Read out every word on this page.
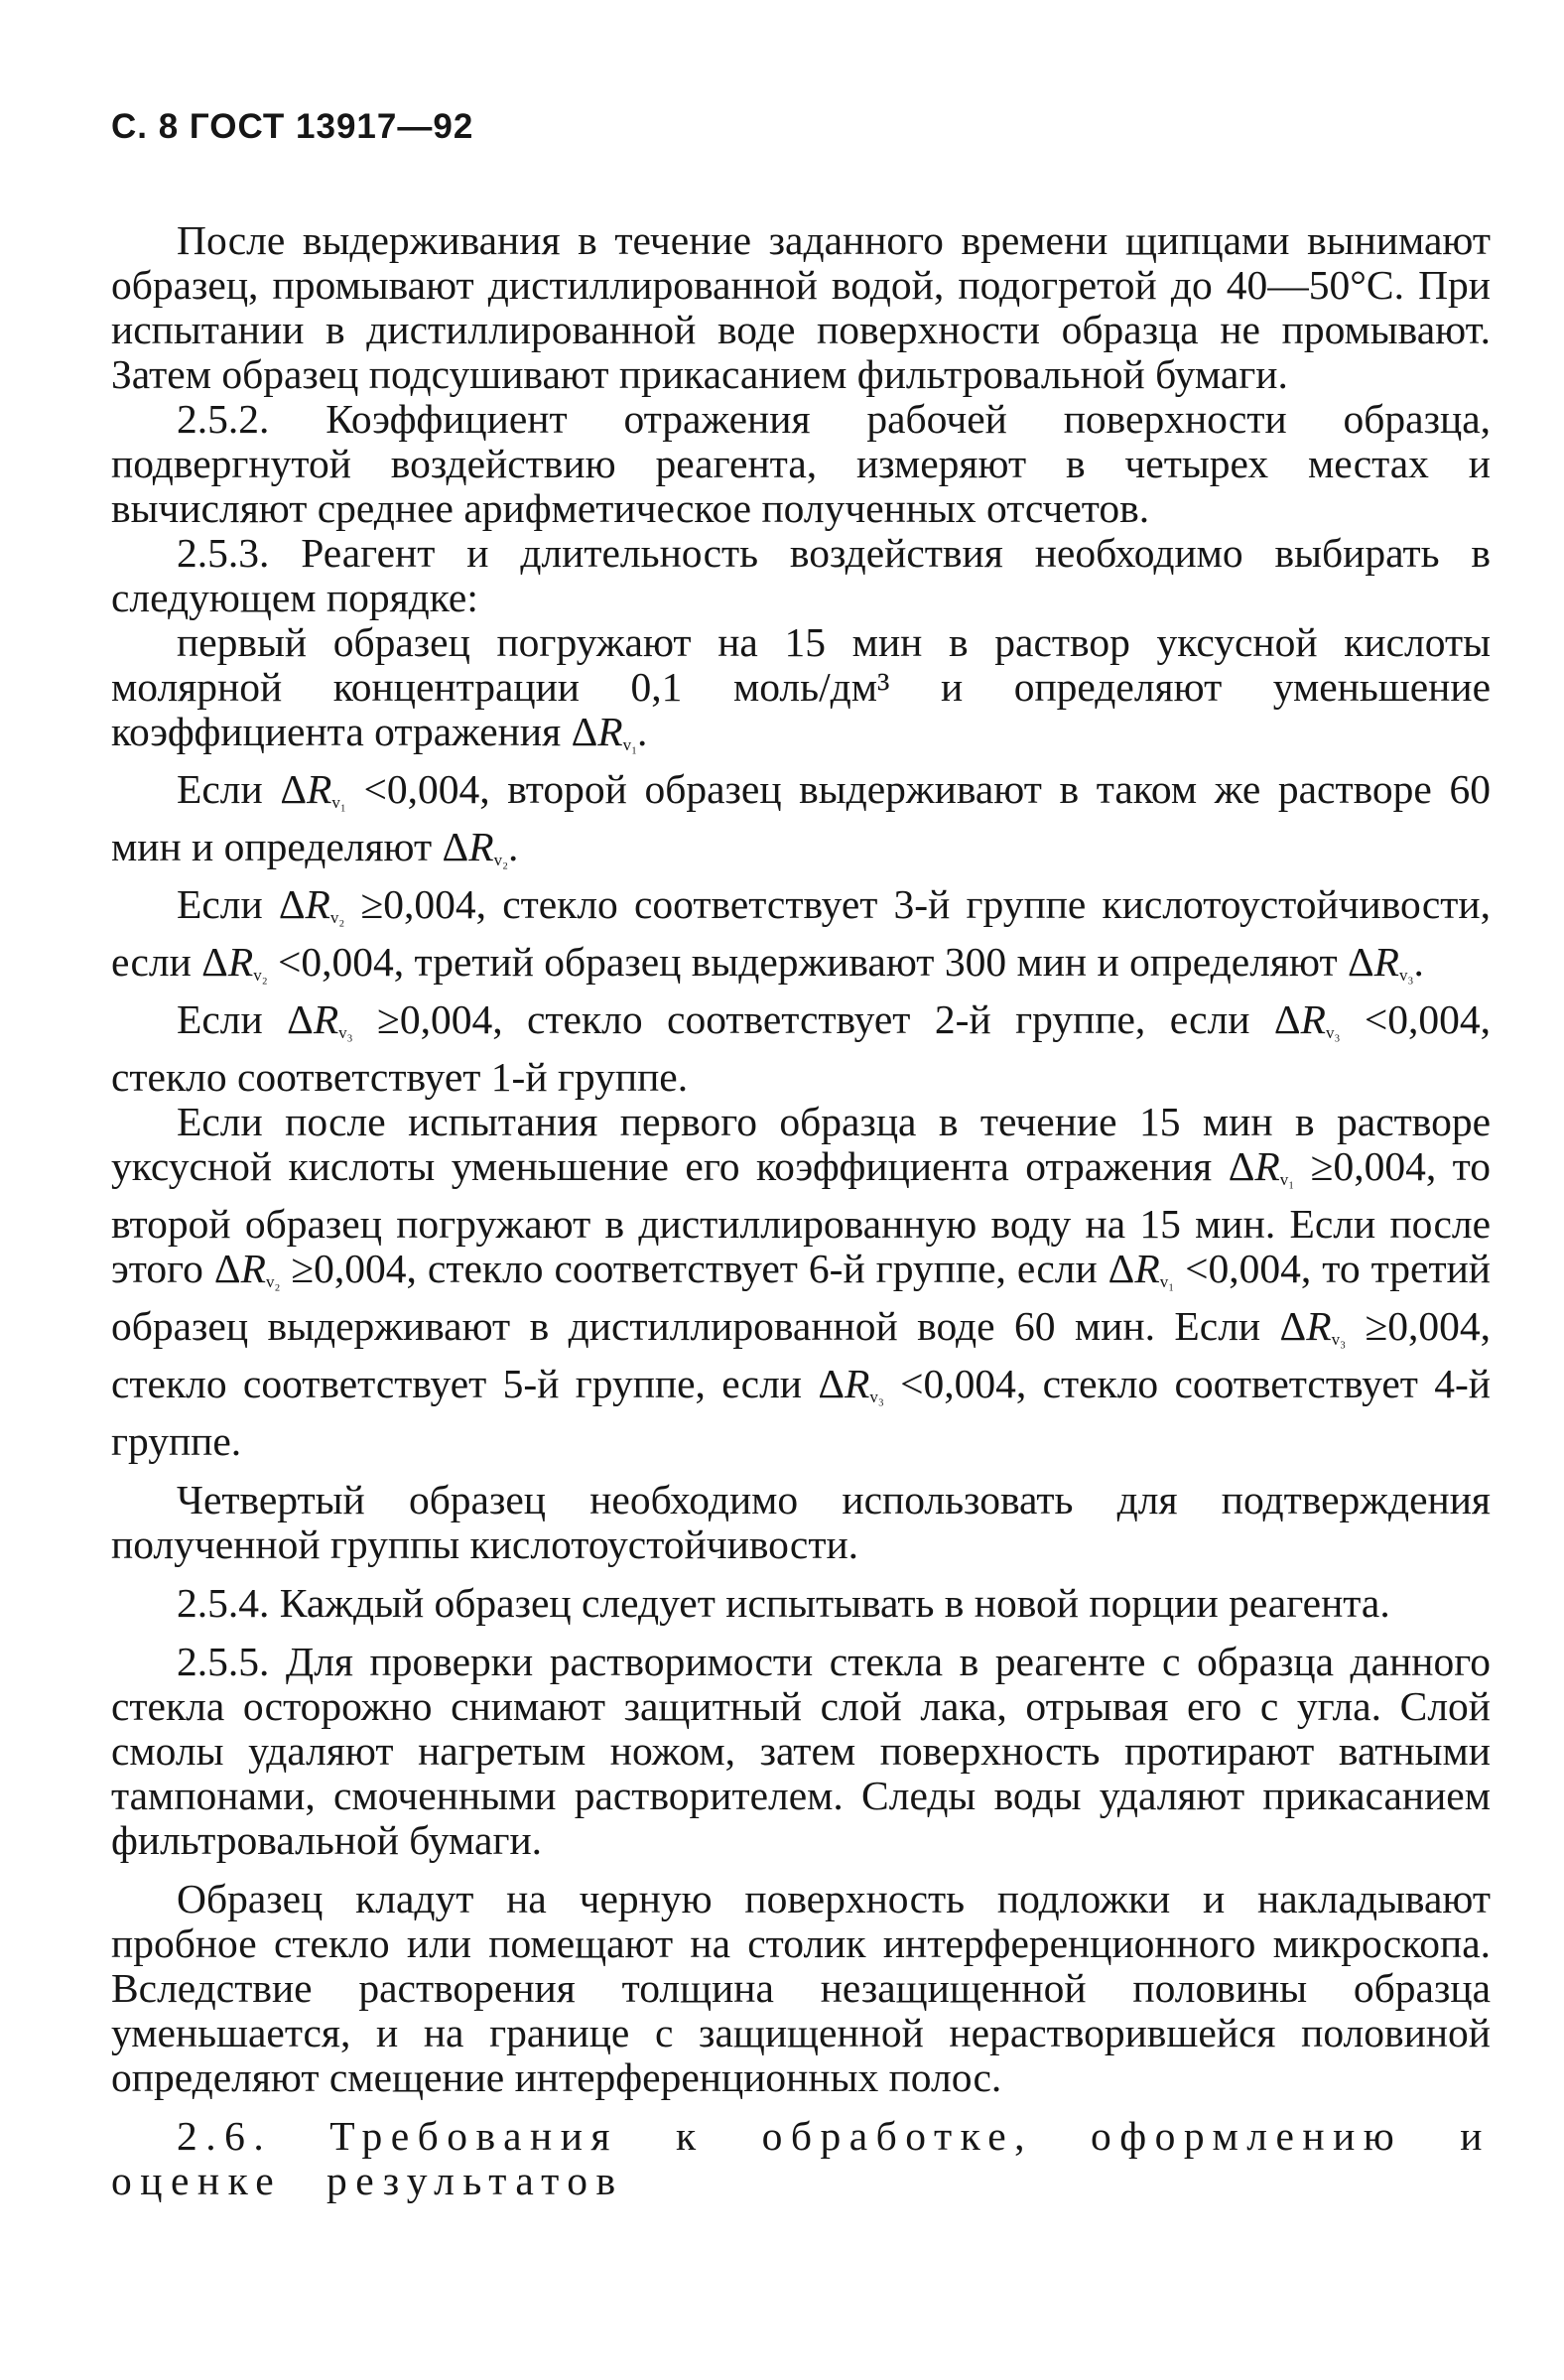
С. 8 ГОСТ 13917—92

После выдерживания в течение заданного времени щипцами вынимают образец, промывают дистиллированной водой, подогретой до 40—50°С. При испытании в дистиллированной воде поверхности образца не промывают. Затем образец подсушивают прикасанием фильтровальной бумаги.

2.5.2. Коэффициент отражения рабочей поверхности образца, подвергнутой воздействию реагента, измеряют в четырех местах и вычисляют среднее арифметическое полученных отсчетов.

2.5.3. Реагент и длительность воздействия необходимо выбирать в следующем порядке:

первый образец погружают на 15 мин в раствор уксусной кислоты молярной концентрации 0,1 моль/дм³ и определяют уменьшение коэффициента отражения $\Delta R_{v_1}$.

Если $\Delta R_{v_1} <0,004$, второй образец выдерживают в таком же растворе 60 мин и определяют $\Delta R_{v_2}$.

Если $\Delta R_{v_2} \ge 0,004$, стекло соответствует 3-й группе кислотоустойчивости, если $\Delta R_{v_2} <0,004$, третий образец выдерживают 300 мин и определяют $\Delta R_{v_3}$.

Если $\Delta R_{v_3} \ge 0,004$, стекло соответствует 2-й группе, если $\Delta R_{v_3} <0,004$, стекло соответствует 1-й группе.

Если после испытания первого образца в течение 15 мин в растворе уксусной кислоты уменьшение его коэффициента отражения $\Delta R_{v_1} \ge 0,004$, то второй образец погружают в дистиллированную воду на 15 мин. Если после этого $\Delta R_{v_2} \ge 0,004$, стекло соответствует 6-й группе, если $\Delta R_{v_1} <0,004$, то третий образец выдерживают в дистиллированной воде 60 мин. Если $\Delta R_{v_3} \ge 0,004$, стекло соответствует 5-й группе, если $\Delta R_{v_3} <0,004$, стекло соответствует 4-й группе.

Четвертый образец необходимо использовать для подтверждения полученной группы кислотоустойчивости.

2.5.4. Каждый образец следует испытывать в новой порции реагента.

2.5.5. Для проверки растворимости стекла в реагенте с образца данного стекла осторожно снимают защитный слой лака, отрывая его с угла. Слой смолы удаляют нагретым ножом, затем поверхность протирают ватными тампонами, смоченными растворителем. Следы воды удаляют прикасанием фильтровальной бумаги.

Образец кладут на черную поверхность подложки и накладывают пробное стекло или помещают на столик интерференционного микроскопа. Вследствие растворения толщина незащищенной половины образца уменьшается, и на границе с защищенной нерастворившейся половиной определяют смещение интерференционных полос.

2.6. Требования к обработке, оформлению и оценке результатов
